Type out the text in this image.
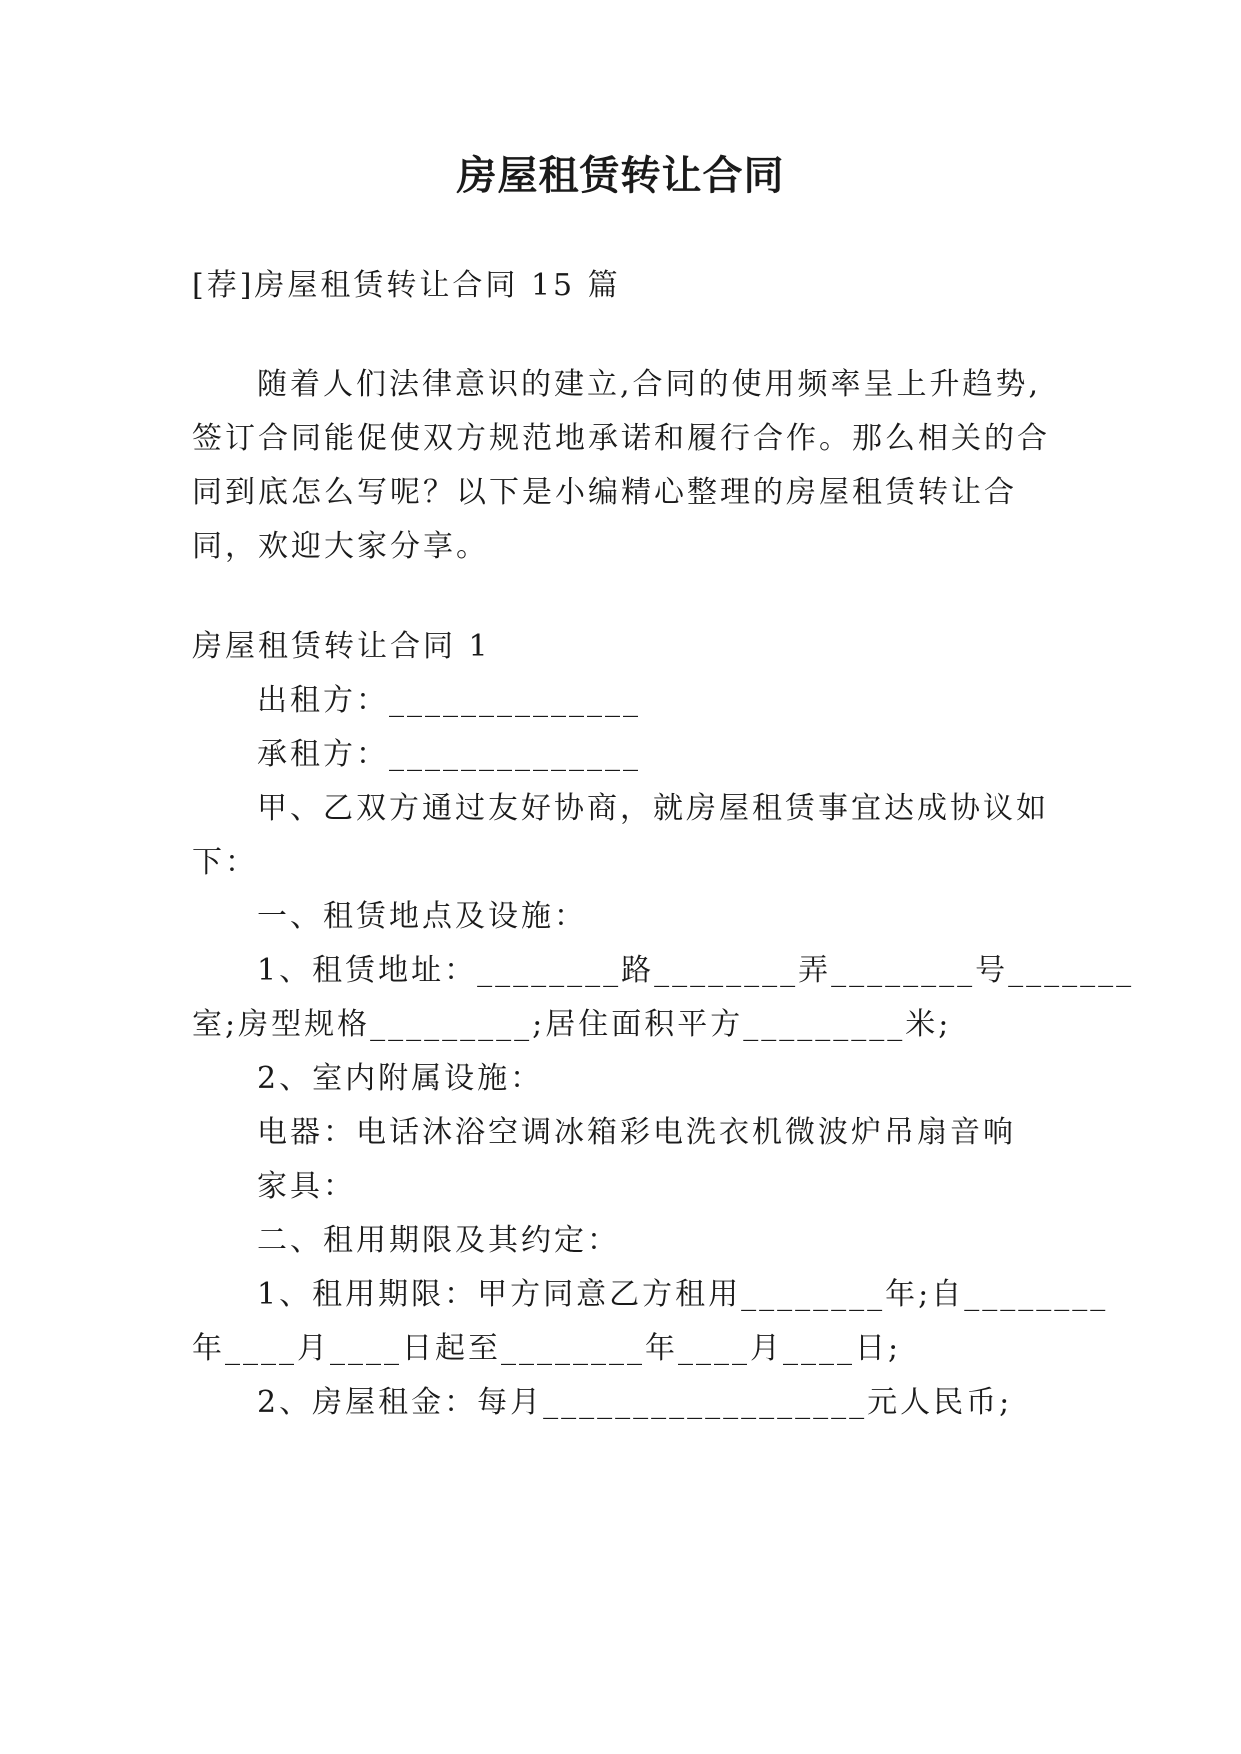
房屋租赁转让合同
[荐]房屋租赁转让合同 15 篇
随着人们法律意识的建立,合同的使用频率呈上升趋势,
签订合同能促使双方规范地承诺和履行合作。那么相关的合
同到底怎么写呢？以下是小编精心整理的房屋租赁转让合
同，欢迎大家分享。
房屋租赁转让合同 1
出租方：______________
承租方：______________
甲、乙双方通过友好协商，就房屋租赁事宜达成协议如
下：
一、租赁地点及设施：
1、租赁地址：________路________弄________号_______
室;房型规格_________;居住面积平方_________米;
2、室内附属设施：
电器：电话沐浴空调冰箱彩电洗衣机微波炉吊扇音响
家具：
二、租用期限及其约定：
1、租用期限：甲方同意乙方租用________年;自________
年____月____日起至________年____月____日;
2、房屋租金：每月__________________元人民币;
